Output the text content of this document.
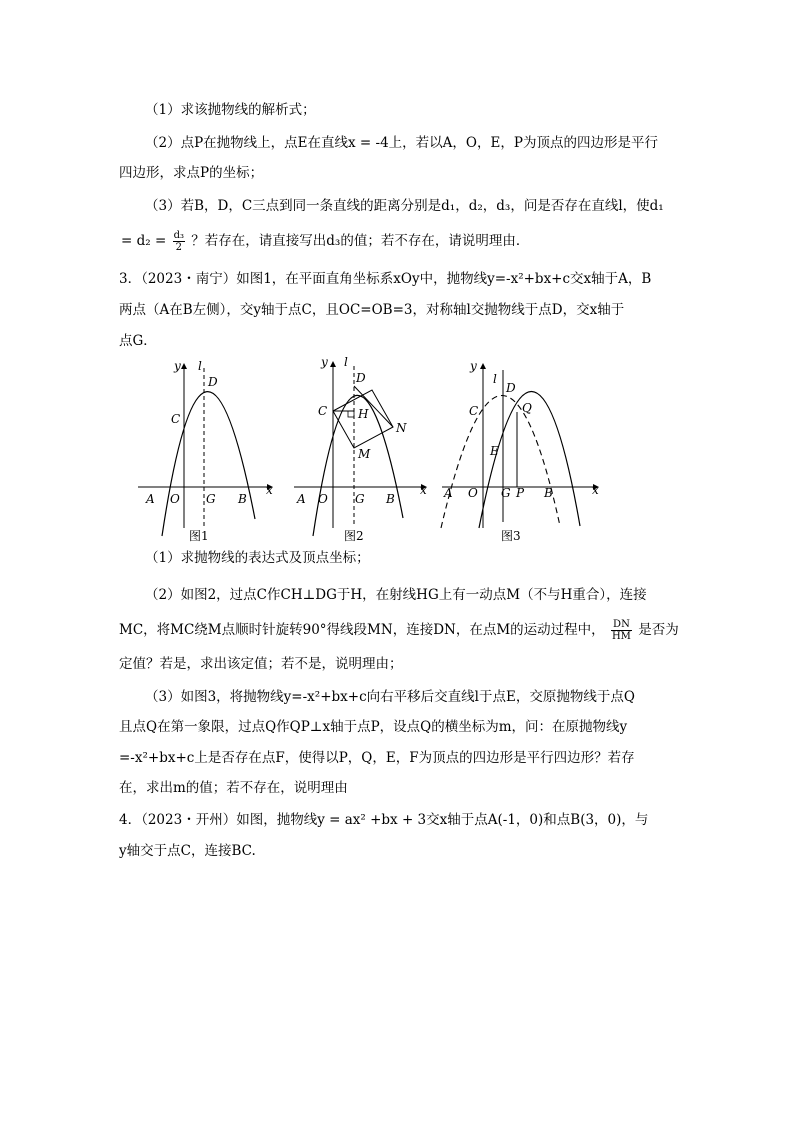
（1）求该抛物线的解析式；
（2）点P在抛物线上，点E在直线x = -4上，若以A，O，E，P为顶点的四边形是平行
四边形，求点P的坐标；
（3）若B，D，C三点到同一条直线的距离分别是d₁，d₂，d₃，问是否存在直线l，使d₁
= $d_2 = \frac{\text{d₃}}{2}$ ？若存在，请直接写出d₃的值；若不存在，请说明理由．
3．（2023・南宁）如图1，在平面直角坐标系xOy中，抛物线y=-x²+bx+c交x轴于A，B
两点（A在B左侧），交y轴于点C，且OC=OB=3，对称轴l交抛物线于点D，交x轴于
点G．
y l
D
C
A O G B
x
图1
y l
D
C	H
N
M
A O G B
x
图2
y
l
D
Q
C
E
A O G P B	x
图3
（1）求抛物线的表达式及顶点坐标；
（2）如图2，过点C作CH⊥DG于H，在射线HG上有一动点M（不与H重合），连接
MC，将MC绕M点顺时针旋转90°得线段MN，连接DN，在点M的运动过程中， $\frac{DN}{HM}$ 是否为
定值？若是，求出该定值；若不是，说明理由；
（3）如图3，将抛物线y=-x²+bx+c向右平移后交直线l于点E，交原抛物线于点Q
且点Q在第一象限，过点Q作QP⊥x轴于点P，设点Q的横坐标为m，问：在原抛物线y
=-x²+bx+c上是否存在点F，使得以P，Q，E，F为顶点的四边形是平行四边形？若存
在，求出m的值；若不存在，说明理由
4．（2023・开州）如图，抛物线y = ax² +bx + 3交x轴于点A(-1，0)和点B(3，0)，与
y轴交于点C，连接BC.
